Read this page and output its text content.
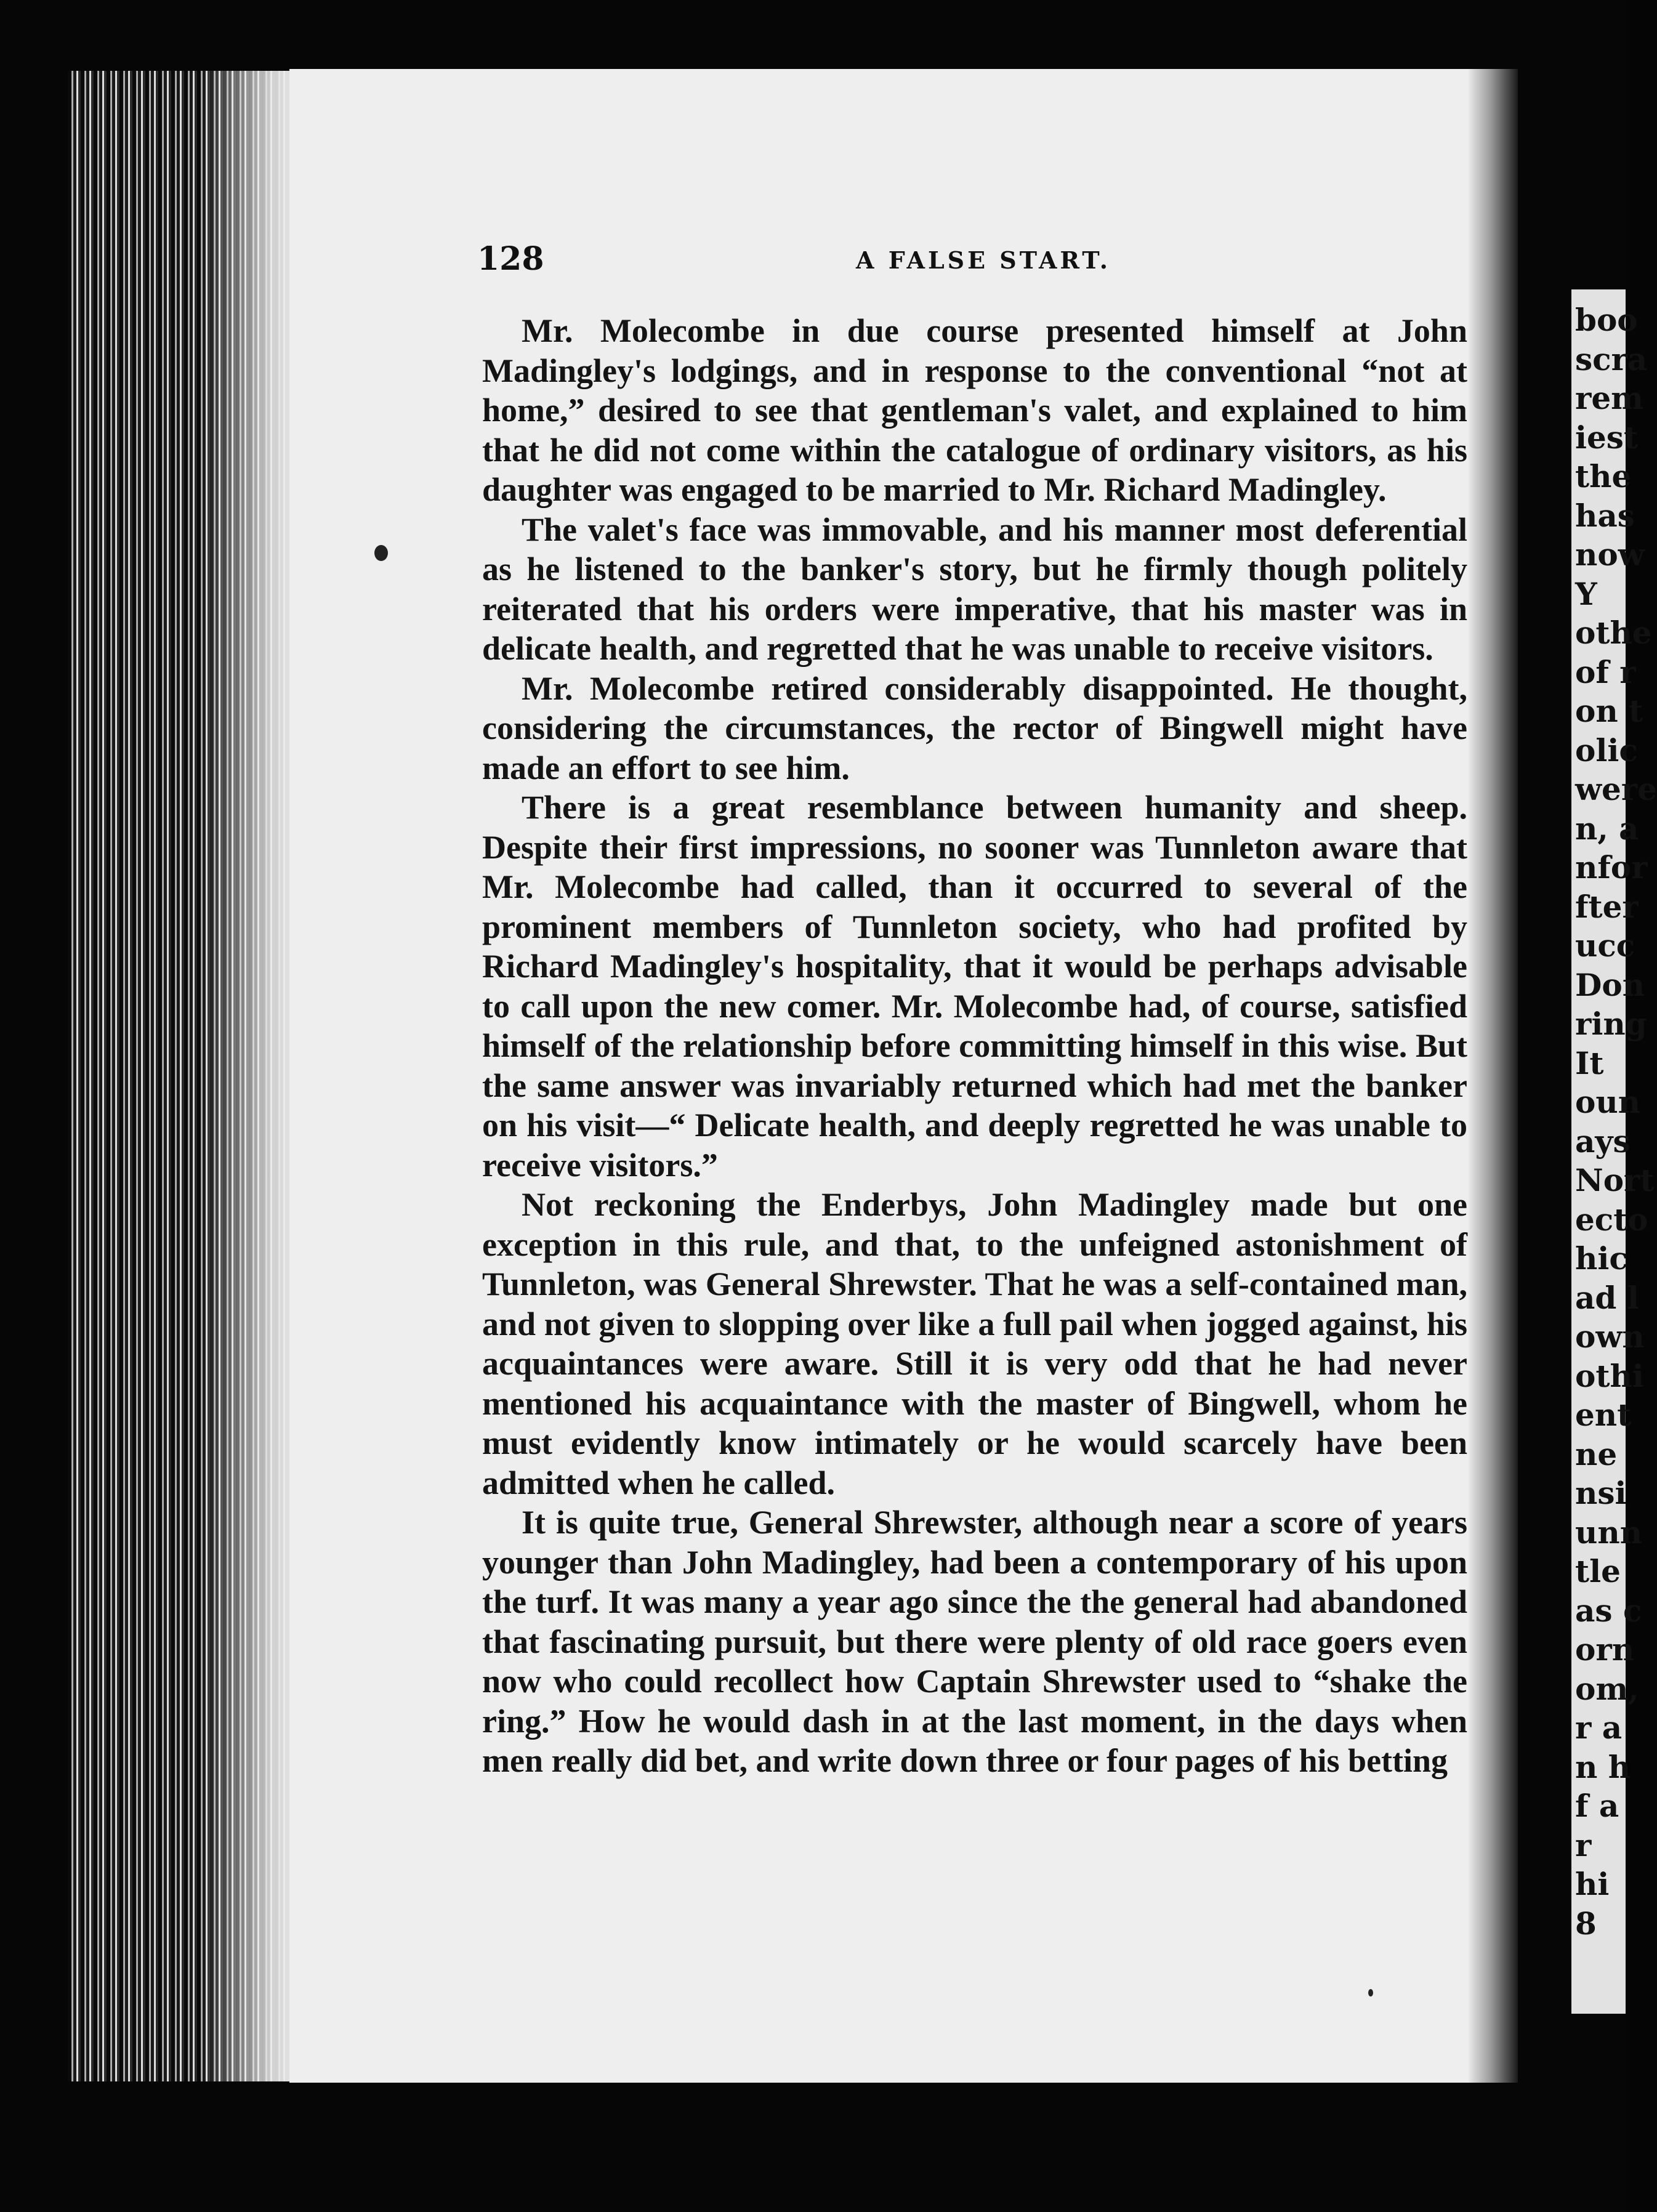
128	A FALSE START.

Mr. Molecombe in due course presented himself at John Madingley's lodgings, and in response to the conventional “not at home,” desired to see that gentleman's valet, and explained to him that he did not come within the catalogue of ordinary visitors, as his daughter was engaged to be married to Mr. Richard Madingley.

The valet's face was immovable, and his manner most deferential as he listened to the banker's story, but he firmly though politely reiterated that his orders were imperative, that his master was in delicate health, and regretted that he was unable to receive visitors.

Mr. Molecombe retired considerably disappointed. He thought, considering the circumstances, the rector of Bingwell might have made an effort to see him.

There is a great resemblance between humanity and sheep. Despite their first impressions, no sooner was Tunnleton aware that Mr. Molecombe had called, than it occurred to several of the prominent members of Tunnleton society, who had profited by Richard Madingley's hospitality, that it would be perhaps advisable to call upon the new comer. Mr. Molecombe had, of course, satisfied himself of the relationship before committing himself in this wise. But the same answer was invariably returned which had met the banker on his visit—“ Delicate health, and deeply regretted he was unable to receive visitors.”

Not reckoning the Enderbys, John Madingley made but one exception in this rule, and that, to the unfeigned astonishment of Tunnleton, was General Shrewster. That he was a self-contained man, and not given to slopping over like a full pail when jogged against, his acquaintances were aware. Still it is very odd that he had never mentioned his acquaintance with the master of Bingwell, whom he must evidently know intimately or he would scarcely have been admitted when he called.

It is quite true, General Shrewster, although near a score of years younger than John Madingley, had been a contemporary of his upon the turf. It was many a year ago since the the general had abandoned that fascinating pursuit, but there were plenty of old race goers even now who could recollect how Captain Shrewster used to “shake the ring.” How he would dash in at the last moment, in the days when men really did bet, and write down three or four pages of his betting

boo
scra
rem
iest
the
has
now
Y
othe
of r
on t
olic
were
n, a
nfor
fter
ucc
Don
ring
It
oun
ays
Nort
ecto
hic
ad l
own
othi
ent
ne
nsi
unn
tle
as c
orn
om,
r a
n h
f a
r
hi
8
